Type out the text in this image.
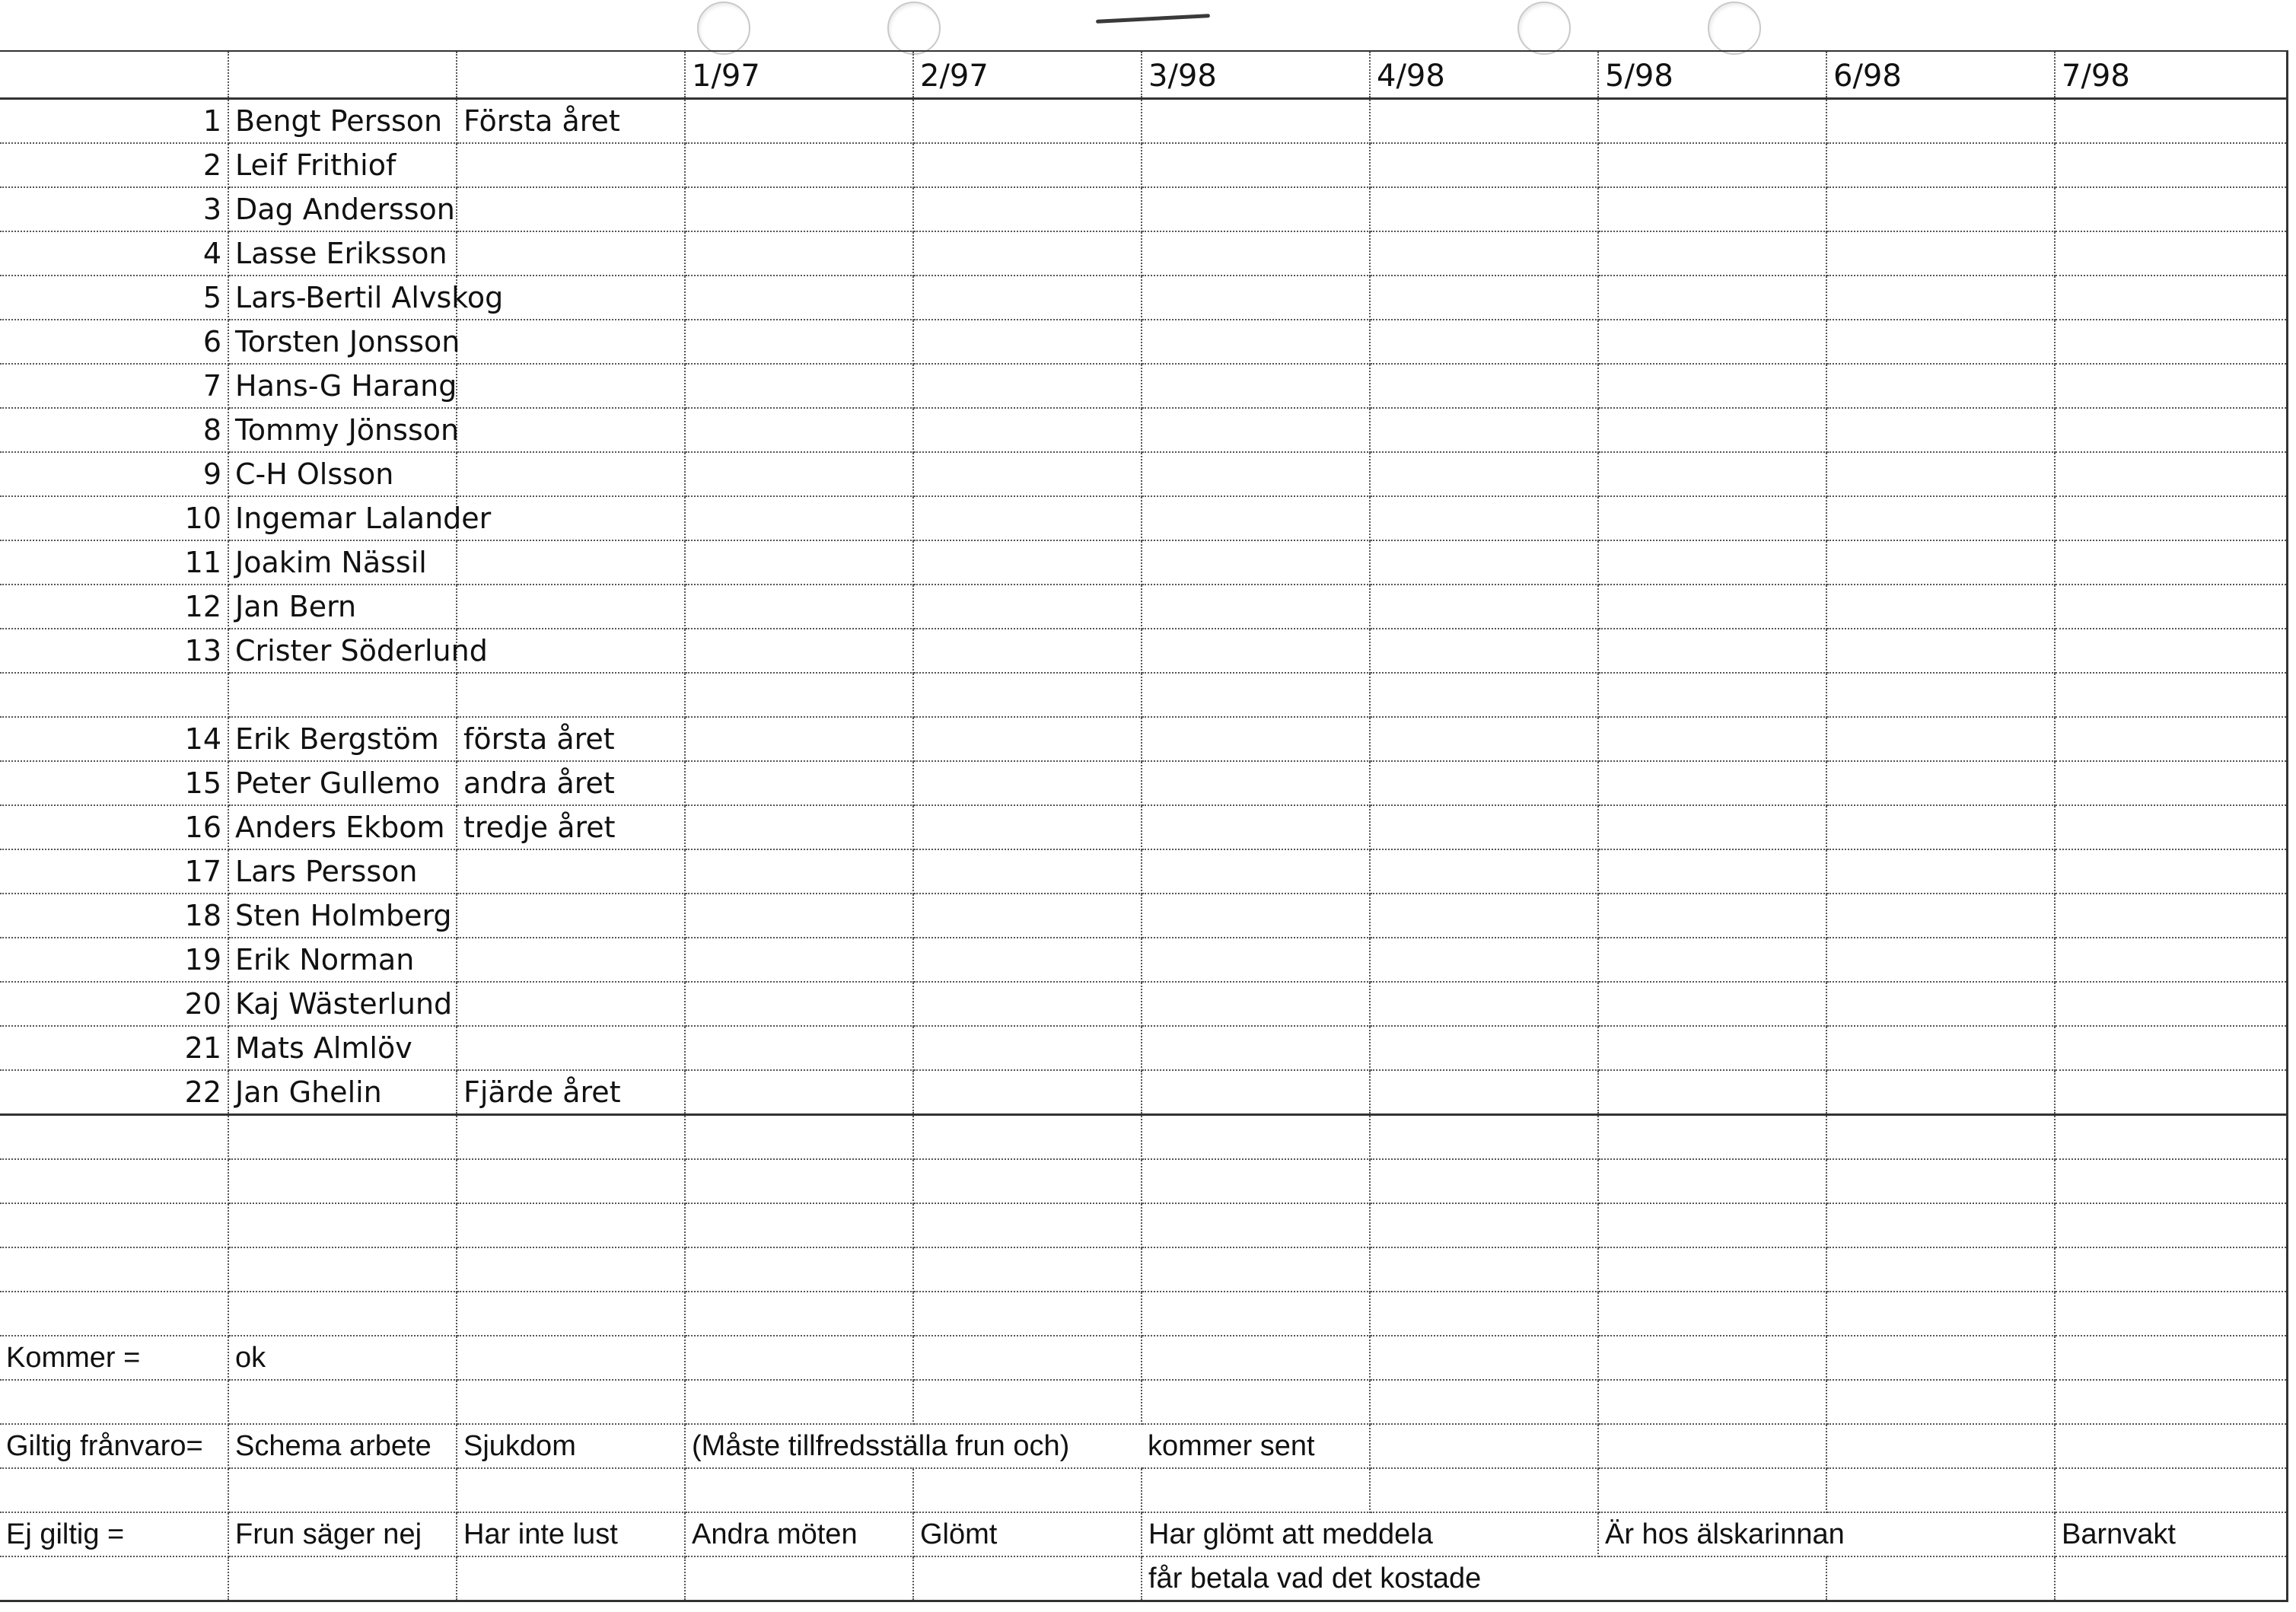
			1/97	2/97	3/98	4/98	5/98	6/98	7/98
1	Bengt Persson	Första året							
2	Leif Frithiof								
3	Dag Andersson								
4	Lasse Eriksson								
5	Lars-Bertil Alvskog								
6	Torsten Jonsson								
7	Hans-G Harang								
8	Tommy Jönsson								
9	C-H Olsson								
10	Ingemar Lalander								
11	Joakim Nässil								
12	Jan Bern								
13	Crister Söderlund								

14	Erik Bergstöm	första året							
15	Peter Gullemo	andra året							
16	Anders Ekbom	tredje året							
17	Lars Persson								
18	Sten Holmberg								
19	Erik Norman								
20	Kaj Wästerlund								
21	Mats Almlöv								
22	Jan Ghelin	Fjärde året							

Kommer =	ok								

Giltig frånvaro=	Schema arbete	Sjukdom	(Måste tillfredsställa frun och)		kommer sent				

Ej giltig =	Frun säger nej	Har inte lust	Andra möten	Glömt	Har glömt att meddela		Är hos älskarinnan		Barnvakt
					får betala vad det kostade				
